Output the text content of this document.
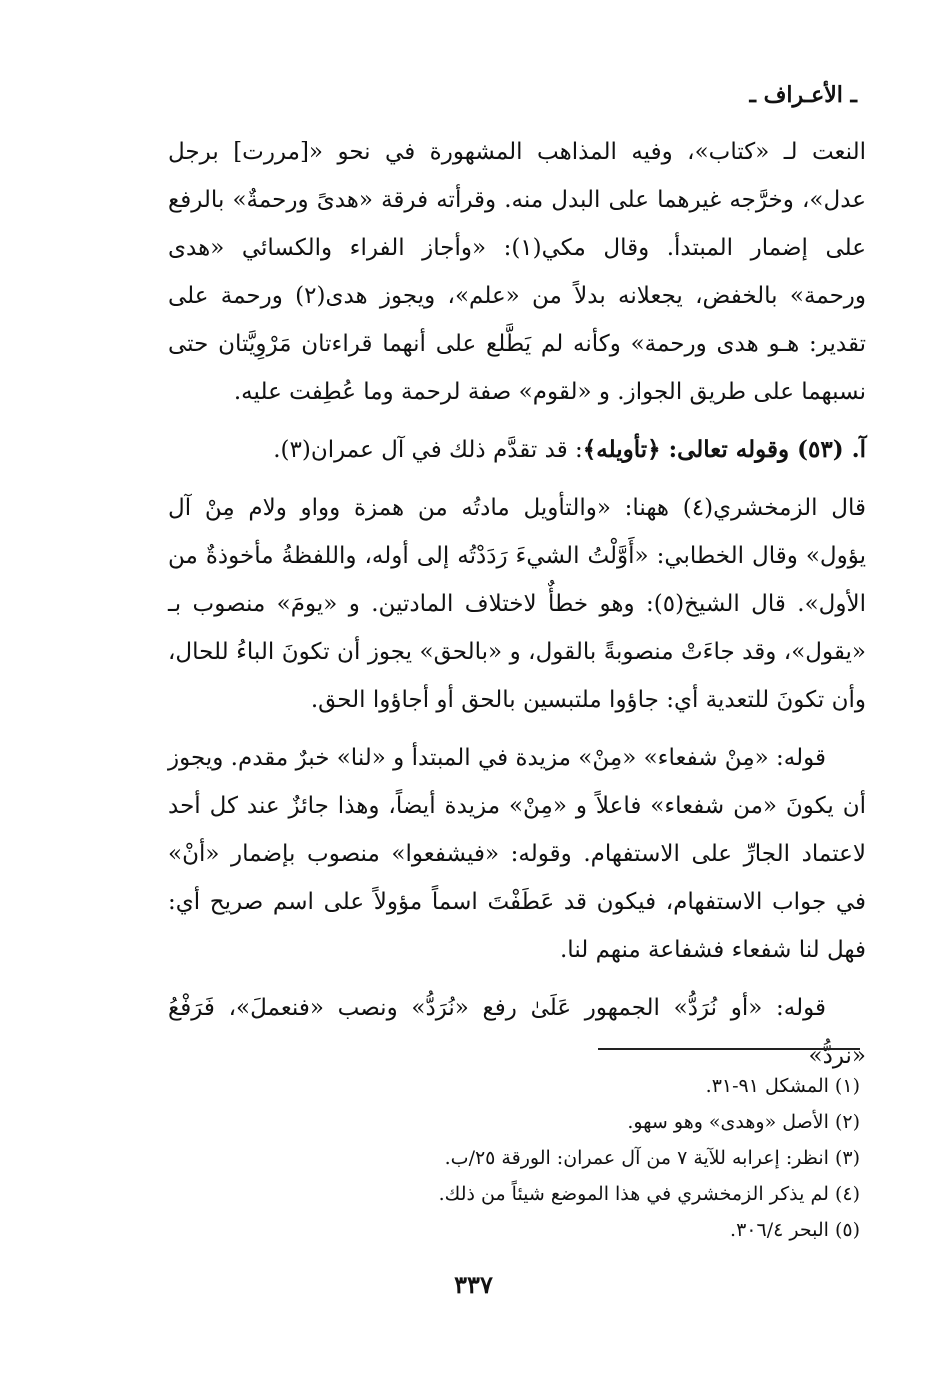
ـ الأعـراف ـ

النعت لـ «كتاب»، وفيه المذاهب المشهورة في نحو «[مررت] برجل عدل»، وخرَّجه غيرهما على البدل منه. وقرأته فرقة «هدىً ورحمةٌ» بالرفع على إضمار المبتدأ. وقال مكي(١): «وأجاز الفراء والكسائي «هدى ورحمة» بالخفض، يجعلانه بدلاً من «علم»، ويجوز هدى(٢) ورحمة على تقدير: هـو هدى ورحمة» وكأنه لم يَطَّلع على أنهما قراءتان مَرْوِيَّتان حتى نسبهما على طريق الجواز. و «لقوم» صفة لرحمة وما عُطِفت عليه.

آ. (٥٣) وقوله تعالى: ﴿تأويله﴾: قد تقدَّم ذلك في آل عمران(٣).

قال الزمخشري(٤) ههنا: «والتأويل مادتُه من همزة وواو ولام مِنْ آل يؤول» وقال الخطابي: «أَوَّلْتُ الشيءَ رَدَدْتُه إلى أوله، واللفظةُ مأخوذةٌ من الأول». قال الشيخ(٥): وهو خطأٌ لاختلاف المادتين. و «يومَ» منصوب بـ «يقول»، وقد جاءَتْ منصوبةً بالقول، و «بالحق» يجوز أن تكونَ الباءُ للحال، وأن تكونَ للتعدية أي: جاؤوا ملتبسين بالحق أو أجاؤوا الحق.

قوله: «مِنْ شفعاء» «مِنْ» مزيدة في المبتدأ و «لنا» خبرٌ مقدم. ويجوز أن يكونَ «من شفعاء» فاعلاً و «مِنْ» مزيدة أيضاً، وهذا جائزٌ عند كل أحد لاعتماد الجارِّ على الاستفهام. وقوله: «فيشفعوا» منصوب بإضمار «أنْ» في جواب الاستفهام، فيكون قد عَطَفْتَ اسماً مؤولاً على اسم صريح أي: فهل لنا شفعاء فشفاعة منهم لنا.

قوله: «أو نُرَدُّ» الجمهور عَلَىٰ رفع «نُرَدُّ» ونصب «فنعملَ»، فَرَفْعُ «نردُّ»

(١) المشكل ٩١-٣١.
(٢) الأصل «وهدى» وهو سهو.
(٣) انظر: إعرابه للآية ٧ من آل عمران: الورقة ٢٥/ب.
(٤) لم يذكر الزمخشري في هذا الموضع شيئاً من ذلك.
(٥) البحر ٣٠٦/٤.
٣٣٧
